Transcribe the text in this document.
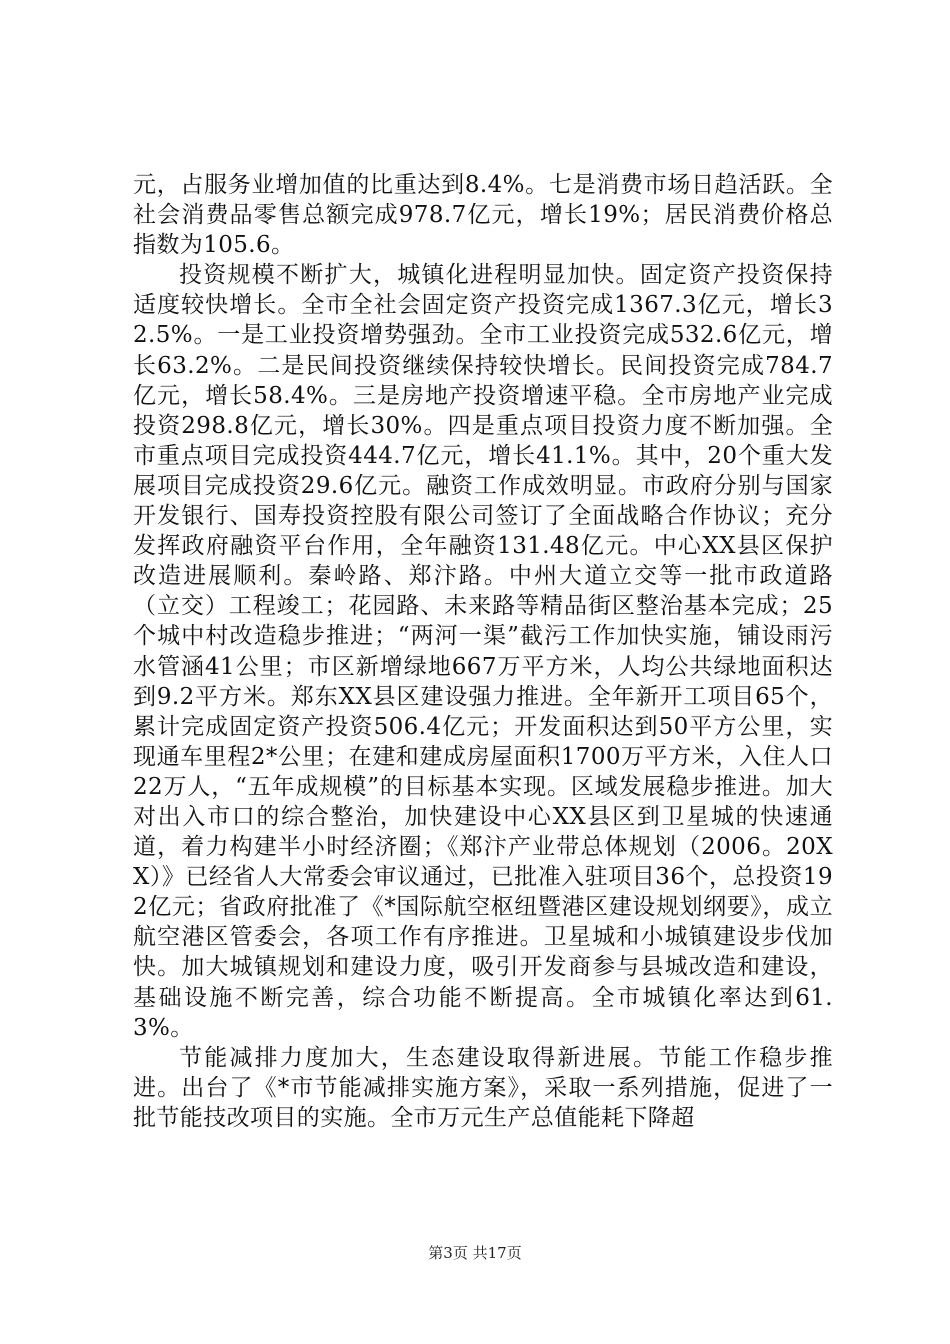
元，占服务业增加值的比重达到8.4%。七是消费市场日趋活跃。全社会消费品零售总额完成978.7亿元，增长19%；居民消费价格总指数为105.6。

投资规模不断扩大，城镇化进程明显加快。固定资产投资保持适度较快增长。全市全社会固定资产投资完成1367.3亿元，增长32.5%。一是工业投资增势强劲。全市工业投资完成532.6亿元，增长63.2%。二是民间投资继续保持较快增长。民间投资完成784.7亿元，增长58.4%。三是房地产投资增速平稳。全市房地产业完成投资298.8亿元，增长30%。四是重点项目投资力度不断加强。全市重点项目完成投资444.7亿元，增长41.1%。其中，20个重大发展项目完成投资29.6亿元。融资工作成效明显。市政府分别与国家开发银行、国寿投资控股有限公司签订了全面战略合作协议；充分发挥政府融资平台作用，全年融资131.48亿元。中心XX县区保护改造进展顺利。秦岭路、郑汴路。中州大道立交等一批市政道路（立交）工程竣工；花园路、未来路等精品街区整治基本完成；25个城中村改造稳步推进；“两河一渠”截污工作加快实施，铺设雨污水管涵41公里；市区新增绿地667万平方米，人均公共绿地面积达到9.2平方米。郑东XX县区建设强力推进。全年新开工项目65个，累计完成固定资产投资506.4亿元；开发面积达到50平方公里，实现通车里程2*公里；在建和建成房屋面积1700万平方米，入住人口22万人，“五年成规模”的目标基本实现。区域发展稳步推进。加大对出入市口的综合整治，加快建设中心XX县区到卫星城的快速通道，着力构建半小时经济圈；《郑汴产业带总体规划（2006。20XX）》已经省人大常委会审议通过，已批准入驻项目36个，总投资192亿元；省政府批准了《*国际航空枢纽暨港区建设规划纲要》，成立航空港区管委会，各项工作有序推进。卫星城和小城镇建设步伐加快。加大城镇规划和建设力度，吸引开发商参与县城改造和建设，基础设施不断完善，综合功能不断提高。全市城镇化率达到61.3%。

节能减排力度加大，生态建设取得新进展。节能工作稳步推进。出台了《*市节能减排实施方案》，采取一系列措施，促进了一批节能技改项目的实施。全市万元生产总值能耗下降超

第3页 共17页
